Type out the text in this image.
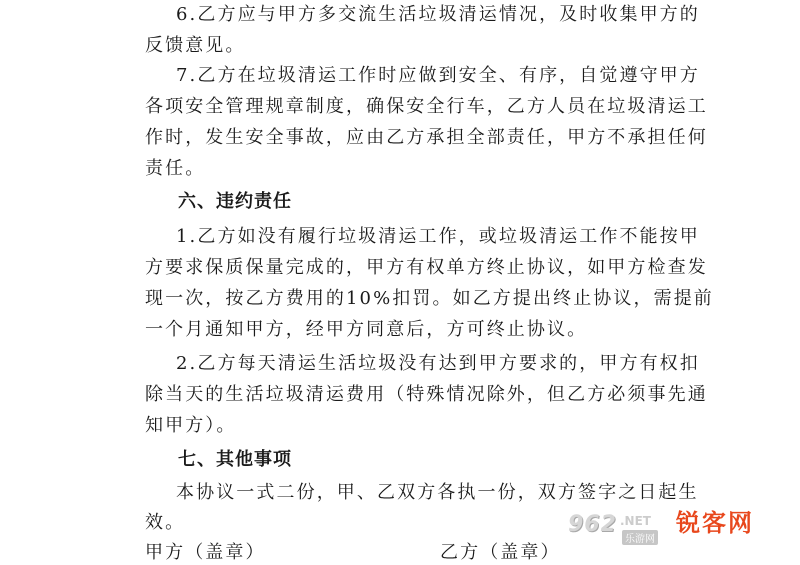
6.乙方应与甲方多交流生活垃圾清运情况，及时收集甲方的
反馈意见。
7.乙方在垃圾清运工作时应做到安全、有序，自觉遵守甲方
各项安全管理规章制度，确保安全行车，乙方人员在垃圾清运工
作时，发生安全事故，应由乙方承担全部责任，甲方不承担任何
责任。
六、违约责任
1.乙方如没有履行垃圾清运工作，或垃圾清运工作不能按甲
方要求保质保量完成的，甲方有权单方终止协议，如甲方检查发
现一次，按乙方费用的10%扣罚。如乙方提出终止协议，需提前
一个月通知甲方，经甲方同意后，方可终止协议。
2.乙方每天清运生活垃圾没有达到甲方要求的，甲方有权扣
除当天的生活垃圾清运费用（特殊情况除外，但乙方必须事先通
知甲方）。
七、其他事项
本协议一式二份，甲、乙双方各执一份，双方签字之日起生
效。
甲方（盖章）	乙方（盖章）
962 .NET
乐游网
锐客网
